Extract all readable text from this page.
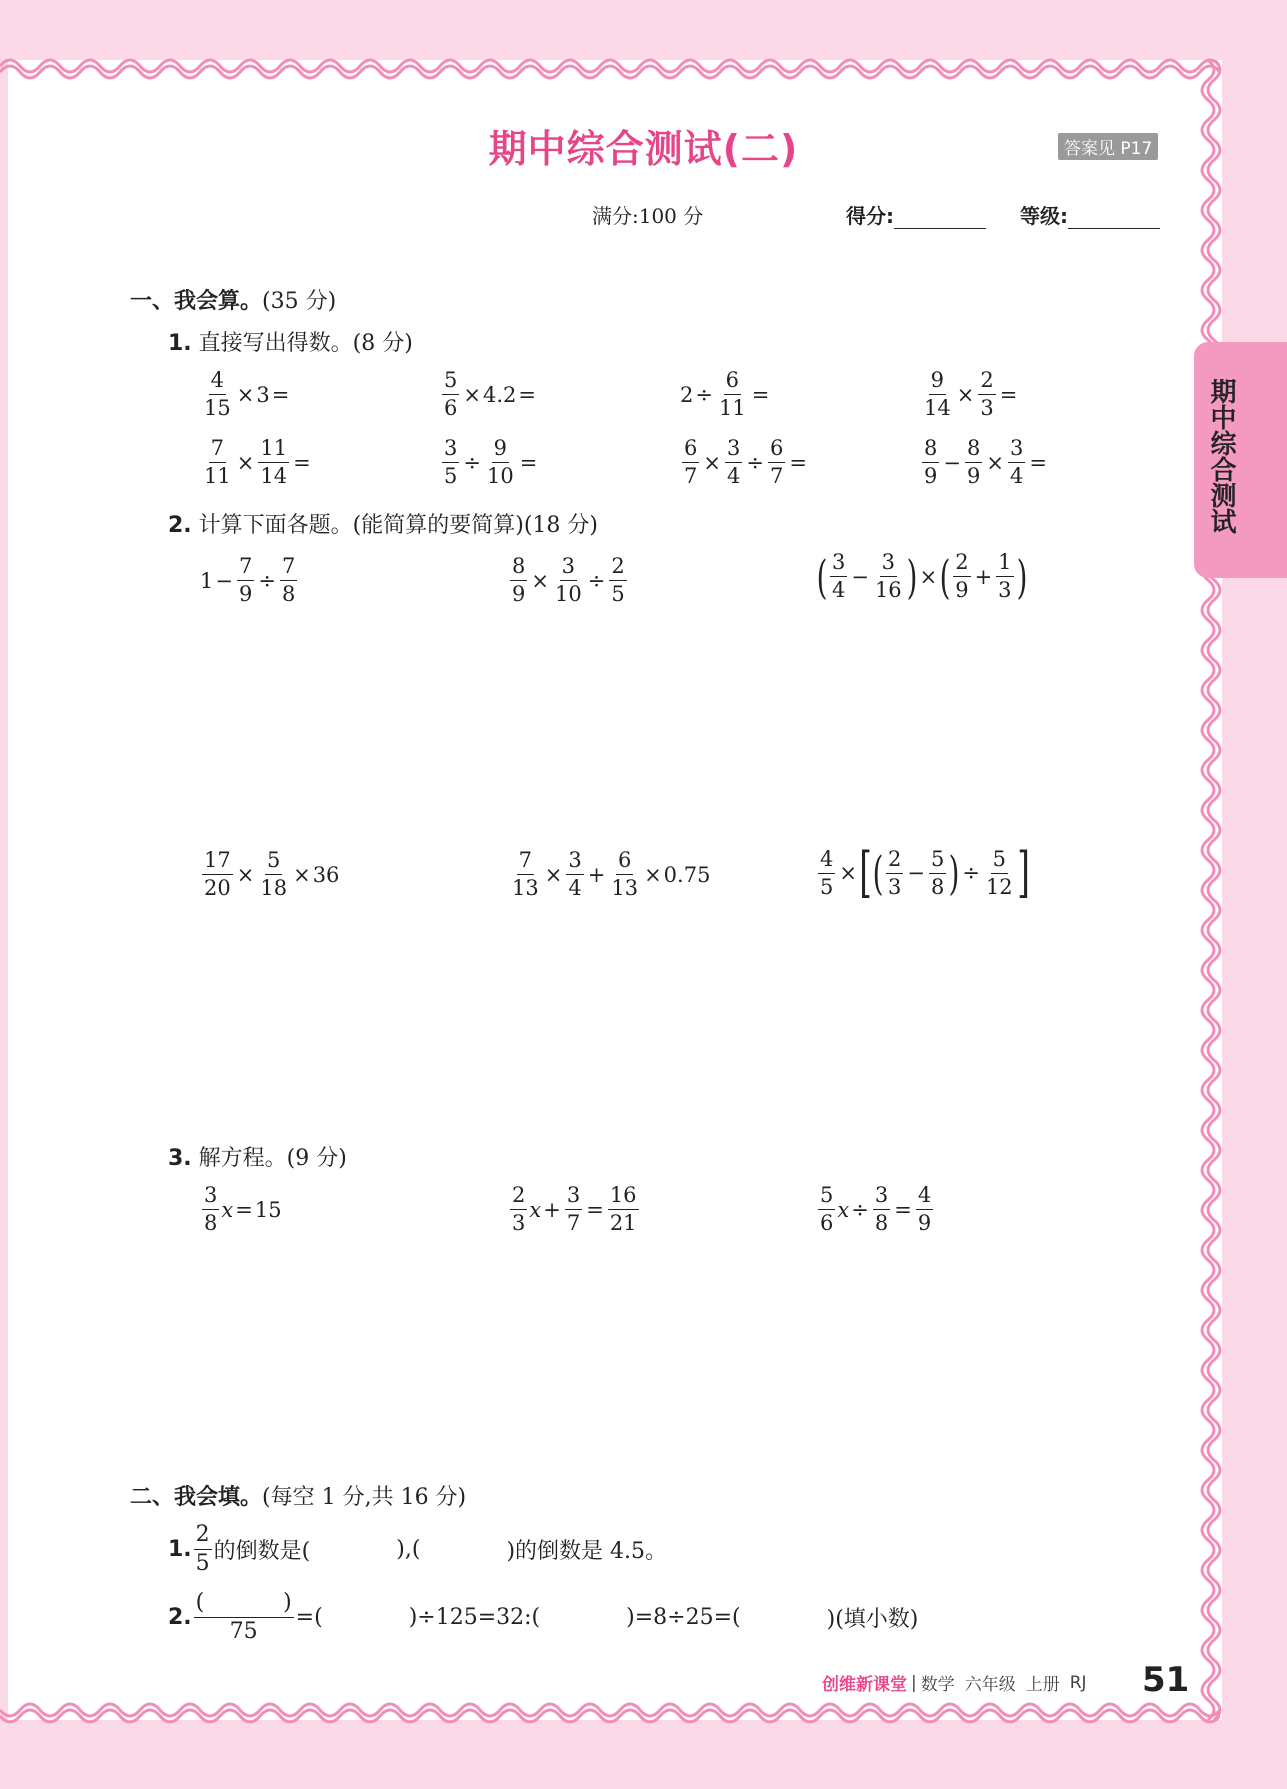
期中综合测试(二)	答案见 P17
满分:100 分	得分:	等级:
期中综合测试
一、我会算。(35 分)
1. 直接写出得数。(8 分)
$\frac{4}{15} \times 3$ =	$\frac{5}{6} \times 4.2$ =	$2 \div \frac{6}{11}$ =	$\frac{9}{14} \times \frac{2}{3}$ =
$\frac{7}{11} \times \frac{11}{14}$ =	$\frac{3}{5} \div \frac{9}{10}$ =	$\frac{6}{7} \times \frac{3}{4} \div \frac{6}{7}$ =	$\frac{8}{9} - \frac{8}{9} \times \frac{3}{4}$ =
2. 计算下面各题。(能简算的要简算)(18 分)
$1 - \frac{7}{9} \div \frac{7}{8}$	$\frac{8}{9} \times \frac{3}{10} \div \frac{2}{5}$	( $\frac{3}{4} - \frac{3}{16}$ ) × ( $\frac{2}{9} + \frac{1}{3}$ )
$\frac{17}{20} \times \frac{5}{18} \times 36$	$\frac{7}{13} \times \frac{3}{4} + \frac{6}{13} \times 0.75$	$\frac{4}{5}$ × [ ( $\frac{2}{3} - \frac{5}{8}$ ) ÷ $\frac{5}{12}$ ]
3. 解方程。(9 分)
$\frac{3}{8}$ x = 15	$\frac{2}{3}$ $x + \frac{3}{7} = \frac{16}{21}$	$\frac{5}{6}$ $x \div \frac{3}{8} = \frac{4}{9}$
二、我会填。(每空 1 分,共 16 分)
1. $\frac{2}{5}$ 的倒数是(	),(	)的倒数是 4.5。
2. (	)
75 =(	)÷125=32:(	)=8÷25=(	)(填小数)
创维新课堂 | 数学 六年级 上册 RJ 51
